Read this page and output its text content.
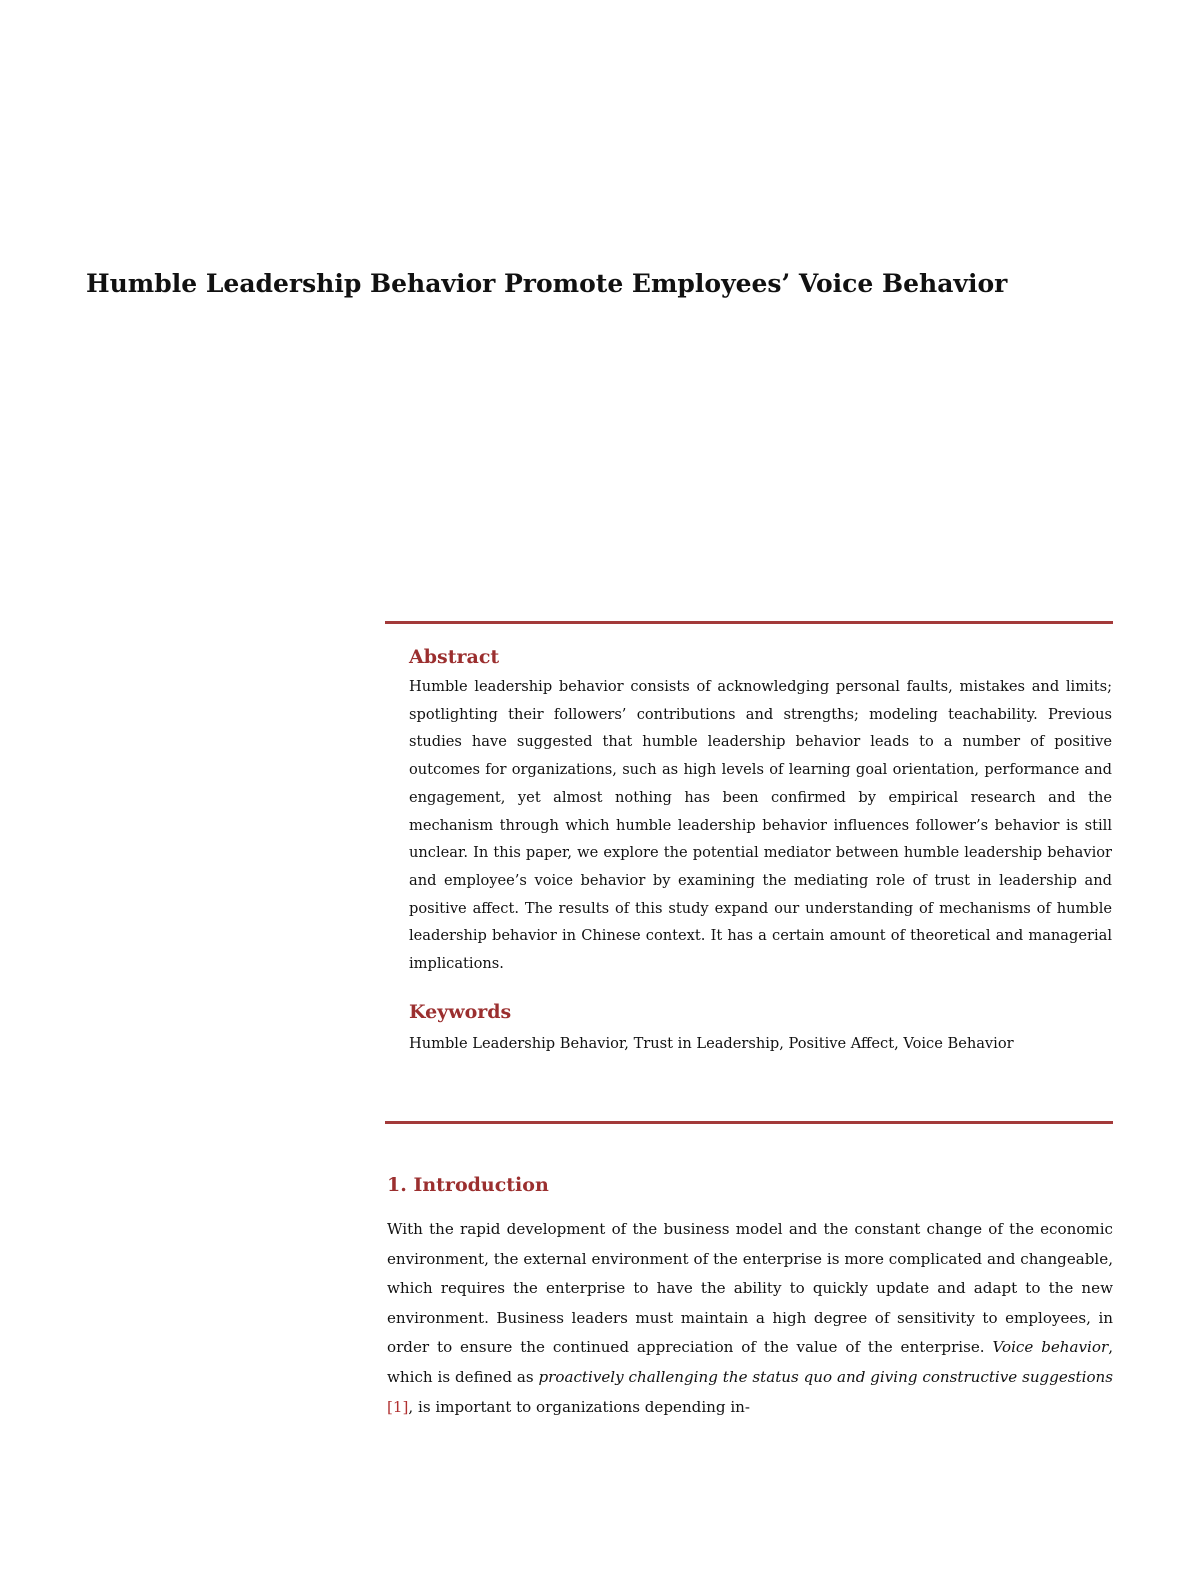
Humble Leadership Behavior Promote Employees’ Voice Behavior
Abstract

Humble leadership behavior consists of acknowledging personal faults, mistakes and limits; spotlighting their followers’ contributions and strengths; modeling teachability. Previous studies have suggested that humble leadership behavior leads to a number of positive outcomes for organizations, such as high levels of learning goal orientation, performance and engagement, yet almost nothing has been confirmed by empirical research and the mechanism through which humble leadership behavior influences follower’s behavior is still unclear. In this paper, we explore the potential mediator between humble leadership behavior and employee’s voice behavior by examining the mediating role of trust in leadership and positive affect. The results of this study expand our understanding of mechanisms of humble leadership behavior in Chinese context. It has a certain amount of theoretical and managerial implications.

Keywords

Humble Leadership Behavior, Trust in Leadership, Positive Affect, Voice Behavior

1. Introduction

With the rapid development of the business model and the constant change of the economic environment, the external environment of the enterprise is more complicated and changeable, which requires the enterprise to have the ability to quickly update and adapt to the new environment. Business leaders must maintain a high degree of sensitivity to employees, in order to ensure the continued appreciation of the value of the enterprise. Voice behavior, which is defined as proactively challenging the status quo and giving constructive suggestions [1], is important to organizations depending in-
